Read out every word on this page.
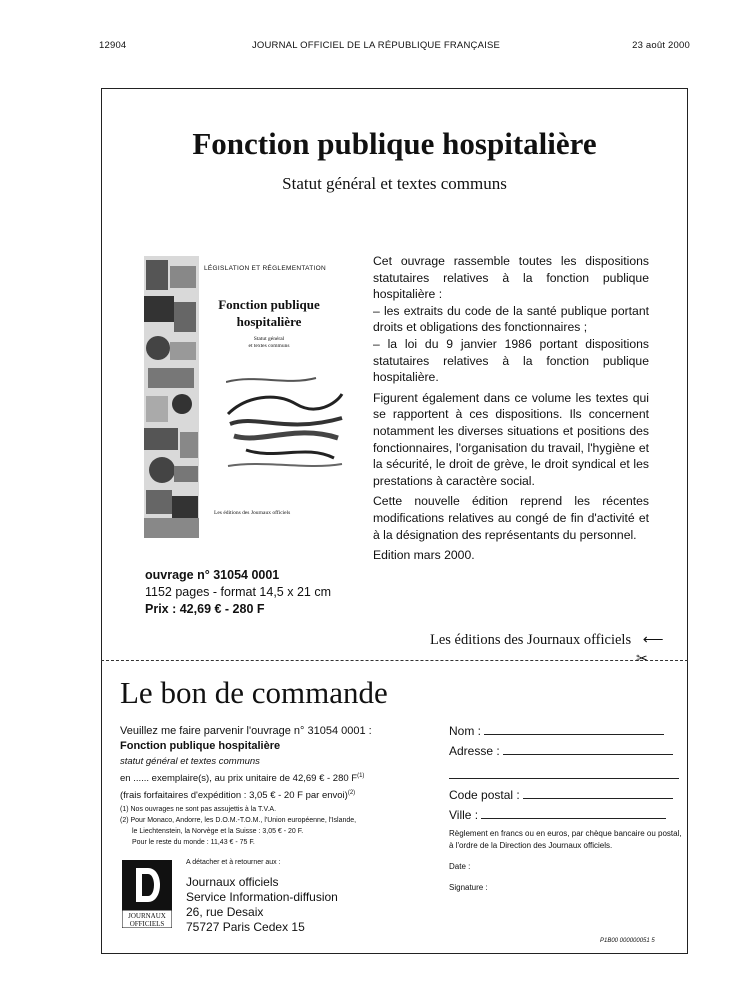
12904	JOURNAL OFFICIEL DE LA RÉPUBLIQUE FRANÇAISE	23 août 2000
Fonction publique hospitalière
Statut général et textes communs
LÉGISLATION ET RÉGLEMENTATION
Fonction publique
hospitalière
Statut général
et textes communs
Les éditions des Journaux officiels

Cet ouvrage rassemble toutes les dispositions statutaires relatives à la fonction publique hospitalière :
– les extraits du code de la santé publique portant droits et obligations des fonctionnaires ;
– la loi du 9 janvier 1986 portant dispositions statutaires relatives à la fonction publique hospitalière.

Figurent également dans ce volume les textes qui se rapportent à ces dispositions. Ils concernent notamment les diverses situations et positions des fonctionnaires, l'organisation du travail, l'hygiène et la sécurité, le droit de grève, le droit syndical et les prestations à caractère social.

Cette nouvelle édition reprend les récentes modifications relatives au congé de fin d'activité et à la désignation des représentants du personnel.

Edition mars 2000.

ouvrage n° 31054 0001
1152 pages - format 14,5 x 21 cm
Prix : 42,69 € - 280 F
Les éditions des Journaux officiels ⟵
✂
Le bon de commande
Veuillez me faire parvenir l'ouvrage n° 31054 0001 :
Fonction publique hospitalière
statut général et textes communs
en ...... exemplaire(s), au prix unitaire de 42,69 € - 280 $F^{(1)}$
(frais forfaitaires d'expédition : 3,05 € - 20 F par envoi)$^{(2)}$
(1) Nos ouvrages ne sont pas assujettis à la T.V.A.
(2) Pour Monaco, Andorre, les D.O.M.-T.O.M., l'Union européenne, l'Islande,
le Liechtenstein, la Norvège et la Suisse : 3,05 € - 20 F.
Pour le reste du monde : 11,43 € - 75 F.
JOURNAUX
OFFICIELS
A détacher et à retourner aux :
Journaux officiels
Service Information-diffusion
26, rue Desaix
75727 Paris Cedex 15
Nom :
Adresse :
Code postal :
Ville :
Règlement en francs ou en euros, par chèque bancaire ou postal, à l'ordre de la Direction des Journaux officiels.
Date :
Signature :
P1B00 000000051 5
